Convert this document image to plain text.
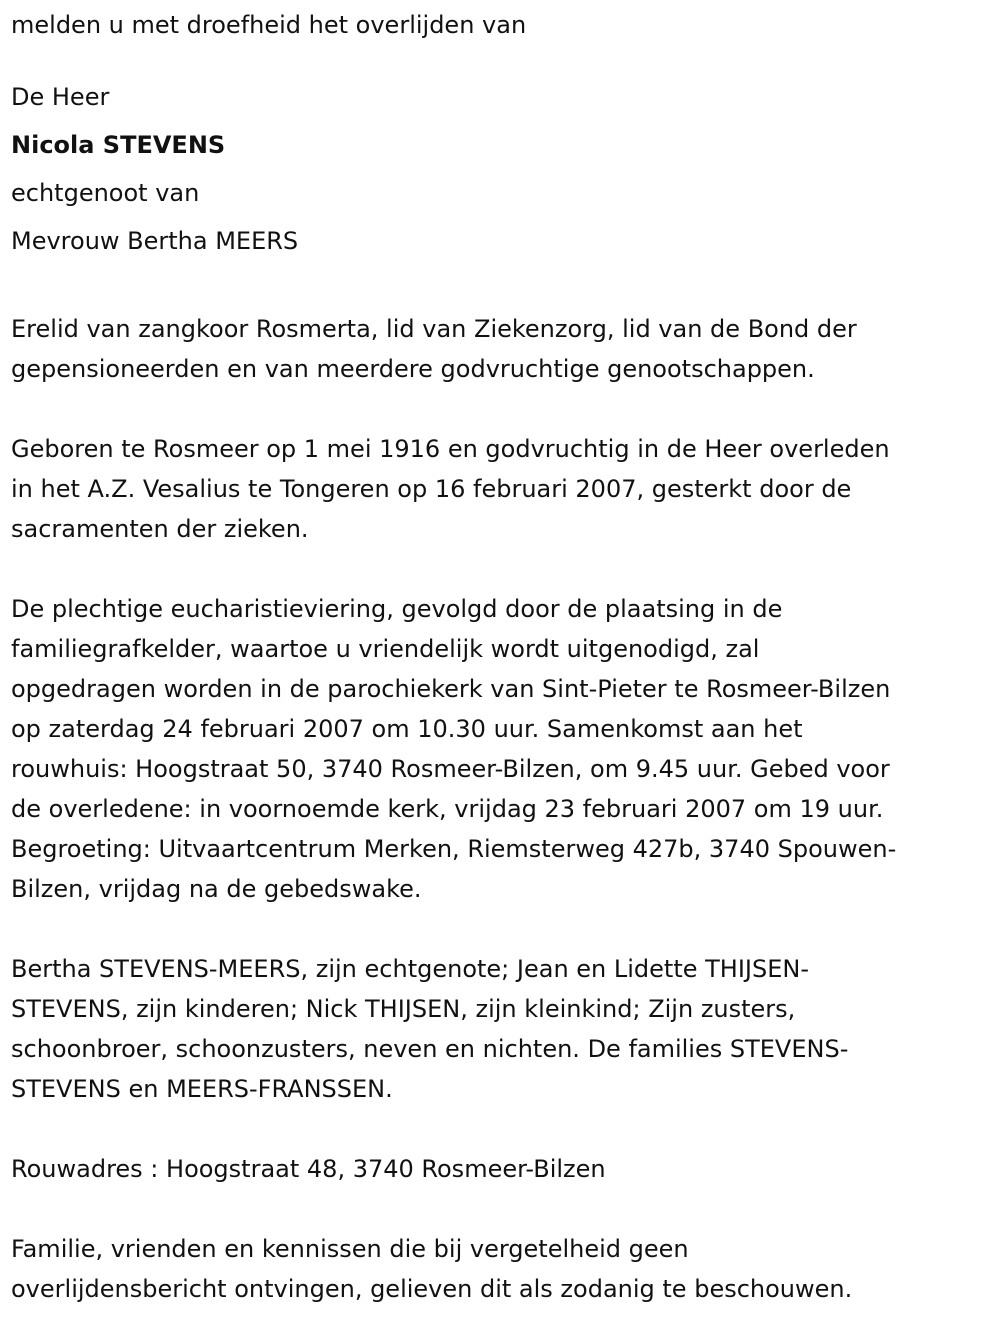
melden u met droefheid het overlijden van
De Heer
Nicola STEVENS
echtgenoot van
Mevrouw Bertha MEERS
Erelid van zangkoor Rosmerta, lid van Ziekenzorg, lid van de Bond der
gepensioneerden en van meerdere godvruchtige genootschappen.
Geboren te Rosmeer op 1 mei 1916 en godvruchtig in de Heer overleden
in het A.Z. Vesalius te Tongeren op 16 februari 2007, gesterkt door de
sacramenten der zieken.
De plechtige eucharistieviering, gevolgd door de plaatsing in de
familiegrafkelder, waartoe u vriendelijk wordt uitgenodigd, zal
opgedragen worden in de parochiekerk van Sint-Pieter te Rosmeer-Bilzen
op zaterdag 24 februari 2007 om 10.30 uur. Samenkomst aan het
rouwhuis: Hoogstraat 50, 3740 Rosmeer-Bilzen, om 9.45 uur. Gebed voor
de overledene: in voornoemde kerk, vrijdag 23 februari 2007 om 19 uur.
Begroeting: Uitvaartcentrum Merken, Riemsterweg 427b, 3740 Spouwen-
Bilzen, vrijdag na de gebedswake.
Bertha STEVENS-MEERS, zijn echtgenote; Jean en Lidette THIJSEN-
STEVENS, zijn kinderen; Nick THIJSEN, zijn kleinkind; Zijn zusters,
schoonbroer, schoonzusters, neven en nichten. De families STEVENS-
STEVENS en MEERS-FRANSSEN.
Rouwadres : Hoogstraat 48, 3740 Rosmeer-Bilzen
Familie, vrienden en kennissen die bij vergetelheid geen
overlijdensbericht ontvingen, gelieven dit als zodanig te beschouwen.
